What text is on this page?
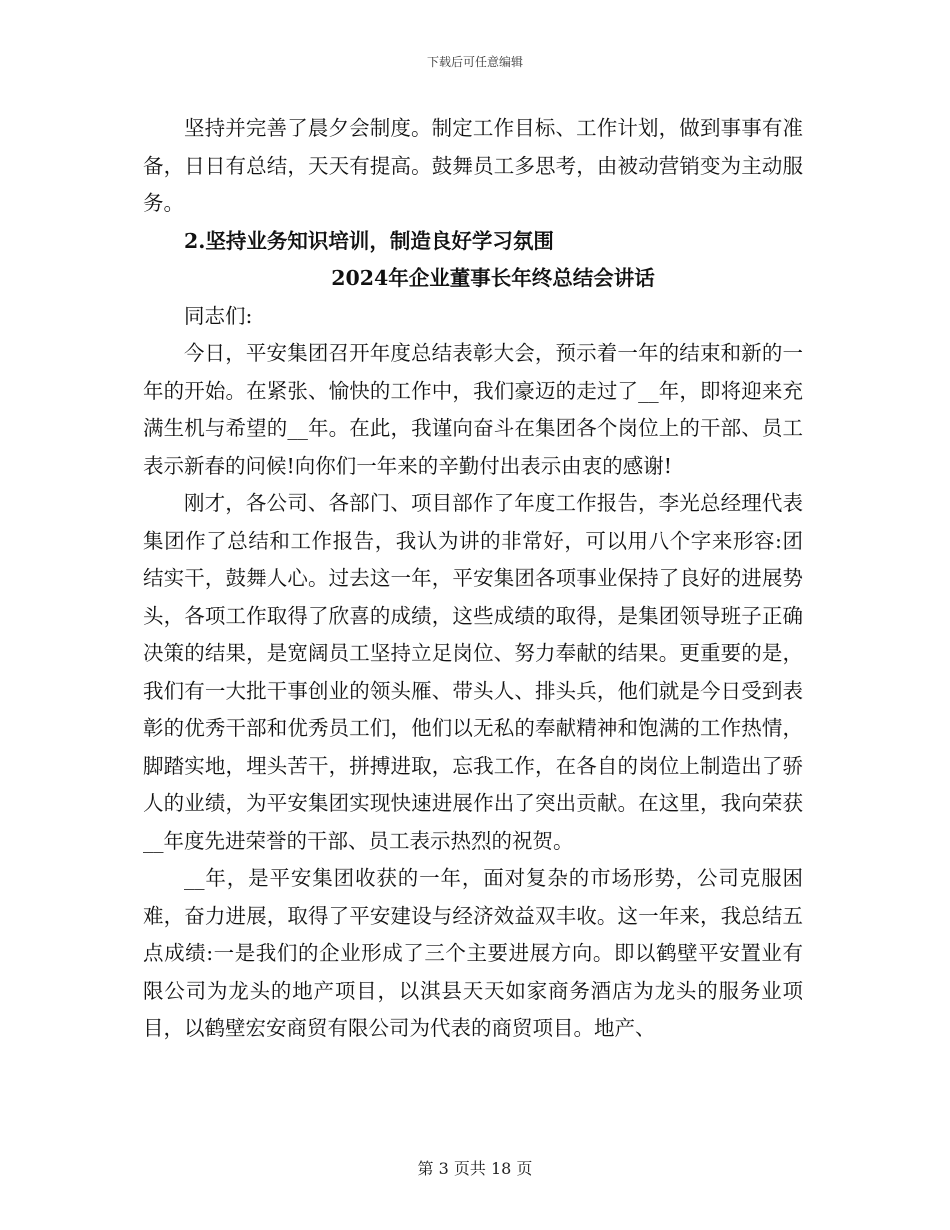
下载后可任意编辑

坚持并完善了晨夕会制度。制定工作目标、工作计划，做到事事有准备，日日有总结，天天有提高。鼓舞员工多思考，由被动营销变为主动服务。

2.坚持业务知识培训，制造良好学习氛围

2024年企业董事长年终总结会讲话

同志们:

今日，平安集团召开年度总结表彰大会，预示着一年的结束和新的一年的开始。在紧张、愉快的工作中，我们豪迈的走过了__年，即将迎来充满生机与希望的__年。在此，我谨向奋斗在集团各个岗位上的干部、员工表示新春的问候!向你们一年来的辛勤付出表示由衷的感谢!

刚才，各公司、各部门、项目部作了年度工作报告，李光总经理代表集团作了总结和工作报告，我认为讲的非常好，可以用八个字来形容:团结实干，鼓舞人心。过去这一年，平安集团各项事业保持了良好的进展势头，各项工作取得了欣喜的成绩，这些成绩的取得，是集团领导班子正确决策的结果，是宽阔员工坚持立足岗位、努力奉献的结果。更重要的是，我们有一大批干事创业的领头雁、带头人、排头兵，他们就是今日受到表彰的优秀干部和优秀员工们，他们以无私的奉献精神和饱满的工作热情，脚踏实地，埋头苦干，拼搏进取，忘我工作，在各自的岗位上制造出了骄人的业绩，为平安集团实现快速进展作出了突出贡献。在这里，我向荣获__年度先进荣誉的干部、员工表示热烈的祝贺。

__年，是平安集团收获的一年，面对复杂的市场形势，公司克服困难，奋力进展，取得了平安建设与经济效益双丰收。这一年来，我总结五点成绩:一是我们的企业形成了三个主要进展方向。即以鹤壁平安置业有限公司为龙头的地产项目，以淇县天天如家商务酒店为龙头的服务业项目，以鹤壁宏安商贸有限公司为代表的商贸项目。地产、

第 3 页共 18 页
